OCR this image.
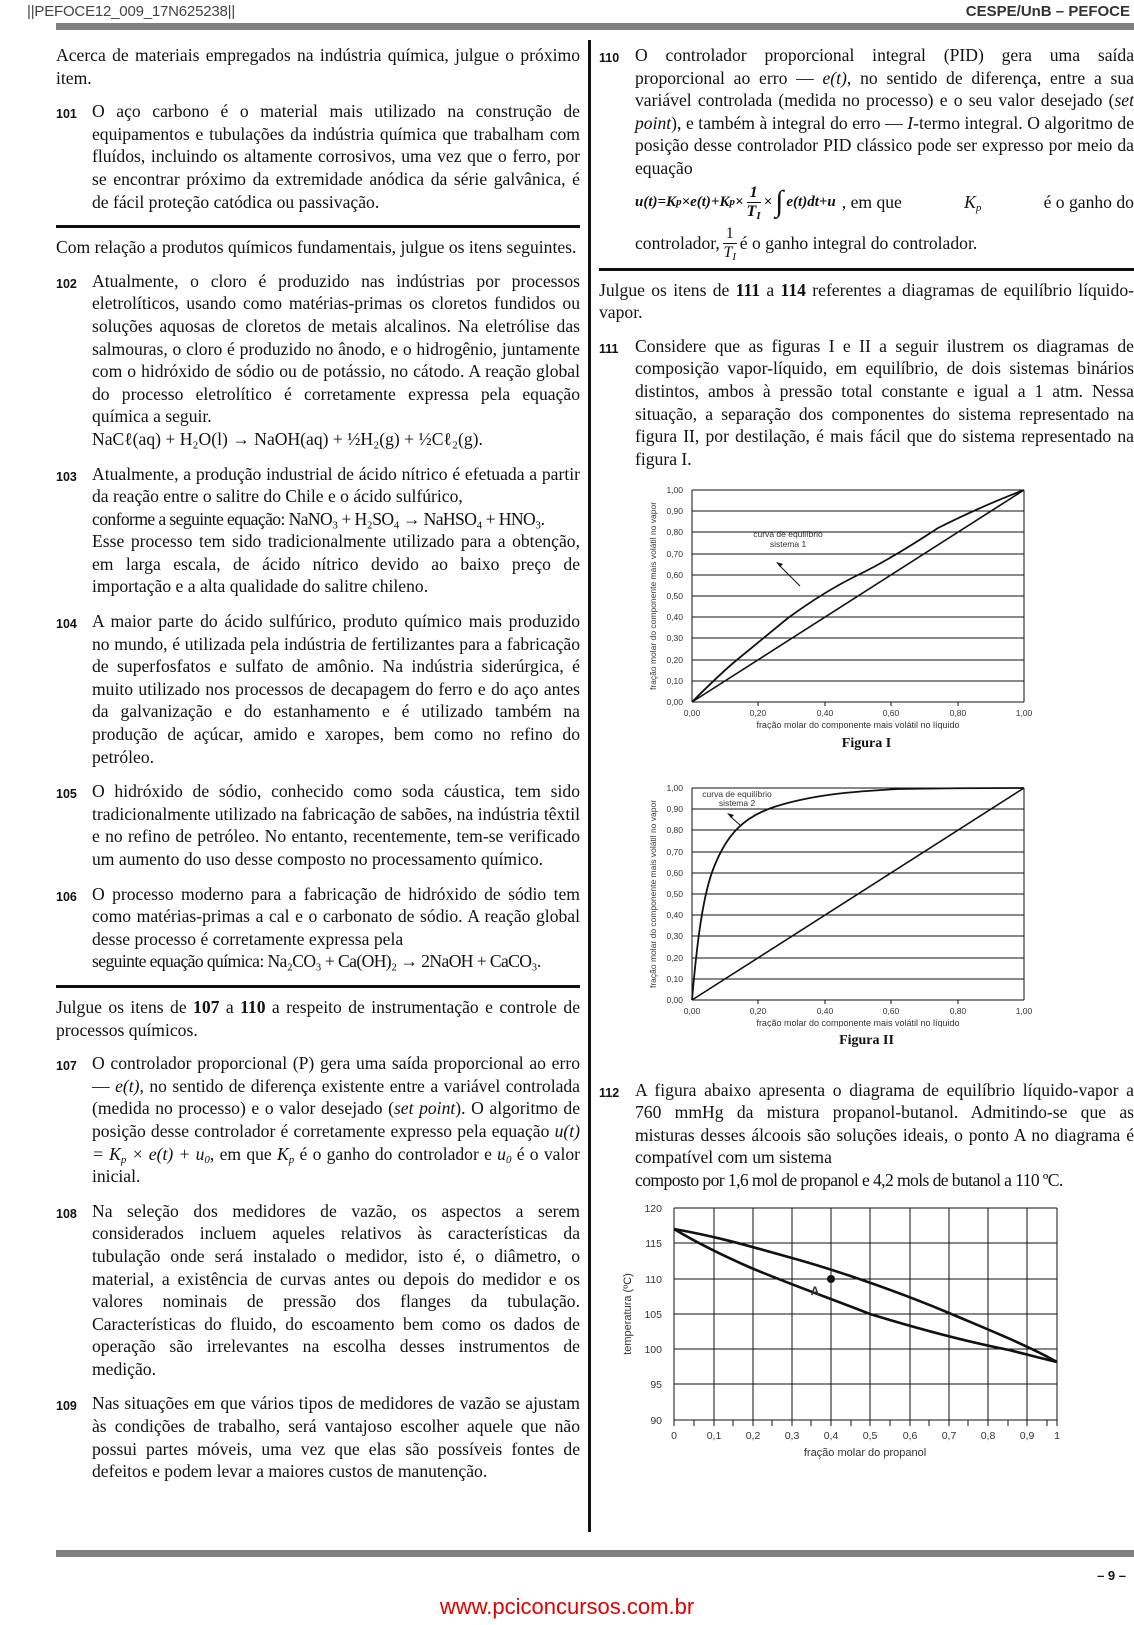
||PEFOCE12_009_17N625238||	CESPE/UnB – PEFOCE

Acerca de materiais empregados na indústria química, julgue o próximo item.

101 O aço carbono é o material mais utilizado na construção de equipamentos e tubulações da indústria química que trabalham com fluídos, incluindo os altamente corrosivos, uma vez que o ferro, por se encontrar próximo da extremidade anódica da série galvânica, é de fácil proteção catódica ou passivação.

Com relação a produtos químicos fundamentais, julgue os itens seguintes.

102 Atualmente, o cloro é produzido nas indústrias por processos eletrolíticos, usando como matérias-primas os cloretos fundidos ou soluções aquosas de cloretos de metais alcalinos. Na eletrólise das salmouras, o cloro é produzido no ânodo, e o hidrogênio, juntamente com o hidróxido de sódio ou de potássio, no cátodo. A reação global do processo eletrolítico é corretamente expressa pela equação química a seguir.
NaCℓ(aq) + H₂O(l) → NaOH(aq) + ½H₂(g) + ½Cℓ₂(g).
103 Atualmente, a produção industrial de ácido nítrico é efetuada a partir da reação entre o salitre do Chile e o ácido sulfúrico,
conforme a seguinte equação: NaNO₃ + H₂SO₄ → NaHSO₄ + HNO₃.
Esse processo tem sido tradicionalmente utilizado para a obtenção, em larga escala, de ácido nítrico devido ao baixo preço de importação e a alta qualidade do salitre chileno.
104 A maior parte do ácido sulfúrico, produto químico mais produzido no mundo, é utilizada pela indústria de fertilizantes para a fabricação de superfosfatos e sulfato de amônio. Na indústria siderúrgica, é muito utilizado nos processos de decapagem do ferro e do aço antes da galvanização e do estanhamento e é utilizado também na produção de açúcar, amido e xaropes, bem como no refino do petróleo.
105 O hidróxido de sódio, conhecido como soda cáustica, tem sido tradicionalmente utilizado na fabricação de sabões, na indústria têxtil e no refino de petróleo. No entanto, recentemente, tem-se verificado um aumento do uso desse composto no processamento químico.
106 O processo moderno para a fabricação de hidróxido de sódio tem como matérias-primas a cal e o carbonato de sódio. A reação global desse processo é corretamente expressa pela
seguinte equação química: Na₂CO₃ + Ca(OH)₂ → 2NaOH + CaCO₃.

Julgue os itens de 107 a 110 a respeito de instrumentação e controle de processos químicos.

107 O controlador proporcional (P) gera uma saída proporcional ao erro — e(t), no sentido de diferença existente entre a variável controlada (medida no processo) e o valor desejado (set point). O algoritmo de posição desse controlador é corretamente expresso pela equação $u(t) = K_p \times e(t) + u_0$, em que $K_p$ é o ganho do controlador e $u_0$ é o valor inicial.
108 Na seleção dos medidores de vazão, os aspectos a serem considerados incluem aqueles relativos às características da tubulação onde será instalado o medidor, isto é, o diâmetro, o material, a existência de curvas antes ou depois do medidor e os valores nominais de pressão dos flanges da tubulação. Características do fluido, do escoamento bem como os dados de operação são irrelevantes na escolha desses instrumentos de medição.
109 Nas situações em que vários tipos de medidores de vazão se ajustam às condições de trabalho, será vantajoso escolher aquele que não possui partes móveis, uma vez que elas são possíveis fontes de defeitos e podem levar a maiores custos de manutenção.
110 O controlador proporcional integral (PID) gera uma saída proporcional ao erro — e(t), no sentido de diferença, entre a sua variável controlada (medida no processo) e o seu valor desejado (set point), e também à integral do erro — I-termo integral. O algoritmo de posição desse controlador PID clássico pode ser expresso por meio da equação
u(t)=K p ×e(t)+K $p \times \frac{1}{T_I}$ × ∫ e(t)dt+u , em que	$K_p$	é o ganho do
controlador, $\frac{1}{T_I}$ é o ganho integral do controlador.

Julgue os itens de 111 a 114 referentes a diagramas de equilíbrio líquido-vapor.

111 Considere que as figuras I e II a seguir ilustrem os diagramas de composição vapor-líquido, em equilíbrio, de dois sistemas binários distintos, ambos à pressão total constante e igual a 1 atm. Nessa situação, a separação dos componentes do sistema representado na figura II, por destilação, é mais fácil que do sistema representado na figura I.
0,00
0,10
0,20
0,30
0,40
0,50
0,60
0,70
0,80
0,90
1,00
0,00	0,20	0,40	0,60	0,80	1,00
fração molar do componente mais volátil no líquido
fração molar do componente mais volátil no vapor	curva de equilíbrio
sistema 1
Figura I
0,00
0,10
0,20
0,30
0,40
0,50
0,60
0,70
0,80
0,90
1,00
0,00	0,20	0,40	0,60	0,80	1,00
fração molar do componente mais volátil no líquido
fração molar do componente mais volátil no vapor
curva de equilíbrio
sistema 2
Figura II
112 A figura abaixo apresenta o diagrama de equilíbrio líquido-vapor a 760 mmHg da mistura propanol-butanol. Admitindo-se que as misturas desses álcoois são soluções ideais, o ponto A no diagrama é compatível com um sistema
composto por 1,6 mol de propanol e 4,2 mols de butanol a 110 ºC.
90
95
100
105
110
115
120
0	0,1 0,2 0,3 0,4 0,5 0,6 0,7 0,8 0,9 1
fração molar do propanol
temperatura (ºC)	A
– 9 –
www.pciconcursos.com.br
